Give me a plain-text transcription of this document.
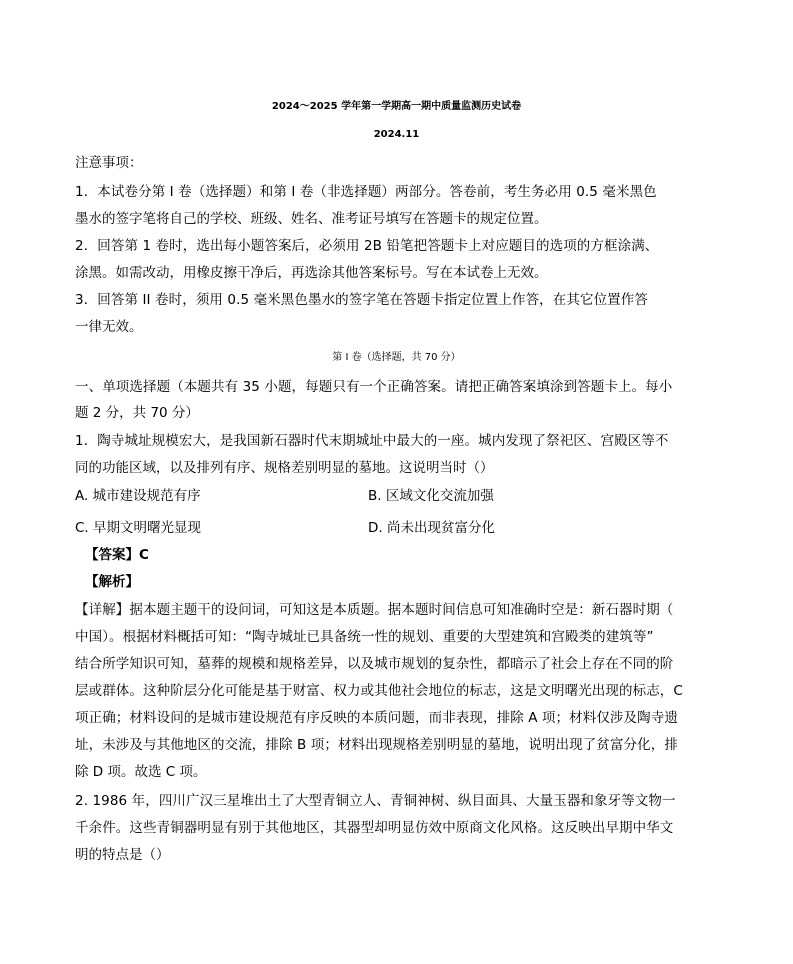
2024～2025 学年第一学期高一期中质量监测历史试卷
2024.11
注意事项：
1．本试卷分第 I 卷（选择题）和第 I 卷（非选择题）两部分。答卷前，考生务必用 0.5 毫米黑色
墨水的签字笔将自己的学校、班级、姓名、准考证号填写在答题卡的规定位置。
2．回答第 1 卷时，选出每小题答案后，必须用 2B 铅笔把答题卡上对应题目的选项的方框涂满、
涂黑。如需改动，用橡皮擦干净后，再选涂其他答案标号。写在本试卷上无效。
3．回答第 II 卷时，须用 0.5 毫米黑色墨水的签字笔在答题卡指定位置上作答，在其它位置作答
一律无效。
第 I 卷（选择题，共 70 分）
一、单项选择题（本题共有 35 小题，每题只有一个正确答案。请把正确答案填涂到答题卡上。每小
题 2 分，共 70 分）
1．陶寺城址规模宏大，是我国新石器时代末期城址中最大的一座。城内发现了祭祀区、宫殿区等不
同的功能区域，以及排列有序、规格差别明显的墓地。这说明当时（）
A. 城市建设规范有序	B. 区域文化交流加强
C. 早期文明曙光显现	D. 尚未出现贫富分化
【答案】C
【解析】
【详解】据本题主题干的设问词，可知这是本质题。据本题时间信息可知准确时空是：新石器时期（
中国）。根据材料概括可知：“陶寺城址已具备统一性的规划、重要的大型建筑和宫殿类的建筑等”
结合所学知识可知，墓葬的规模和规格差异，以及城市规划的复杂性，都暗示了社会上存在不同的阶
层或群体。这种阶层分化可能是基于财富、权力或其他社会地位的标志，这是文明曙光出现的标志，C
项正确；材料设问的是城市建设规范有序反映的本质问题，而非表现，排除 A 项；材料仅涉及陶寺遗
址，未涉及与其他地区的交流，排除 B 项；材料出现规格差别明显的墓地，说明出现了贫富分化，排
除 D 项。故选 C 项。
2. 1986 年，四川广汉三星堆出土了大型青铜立人、青铜神树、纵目面具、大量玉器和象牙等文物一
千余件。这些青铜器明显有别于其他地区，其器型却明显仿效中原商文化风格。这反映出早期中华文
明的特点是（）
